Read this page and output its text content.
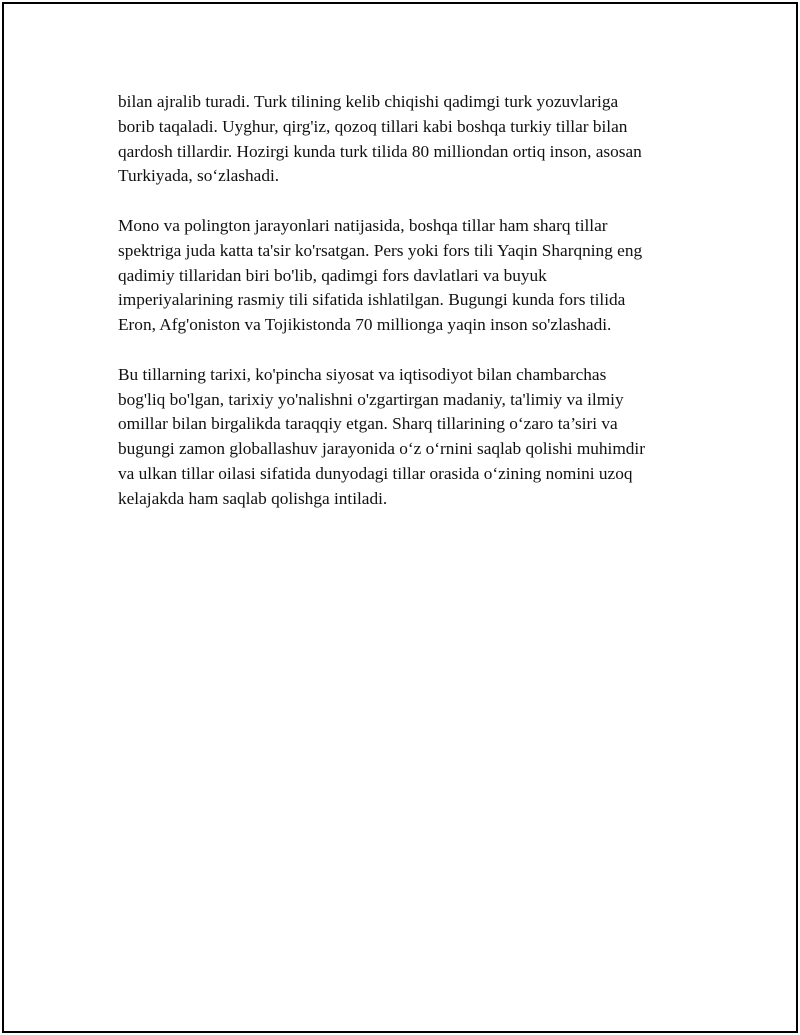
bilan ajralib turadi. Turk tilining kelib chiqishi qadimgi turk yozuvlariga
borib taqaladi. Uyghur, qirg'iz, qozoq tillari kabi boshqa turkiy tillar bilan
qardosh tillardir. Hozirgi kunda turk tilida 80 milliondan ortiq inson, asosan
Turkiyada, so‘zlashadi.

Mono va polington jarayonlari natijasida, boshqa tillar ham sharq tillar
spektriga juda katta ta'sir ko'rsatgan. Pers yoki fors tili Yaqin Sharqning eng
qadimiy tillaridan biri bo'lib, qadimgi fors davlatlari va buyuk
imperiyalarining rasmiy tili sifatida ishlatilgan. Bugungi kunda fors tilida
Eron, Afg'oniston va Tojikistonda 70 millionga yaqin inson so'zlashadi.

Bu tillarning tarixi, ko'pincha siyosat va iqtisodiyot bilan chambarchas
bog'liq bo'lgan, tarixiy yo'nalishni o'zgartirgan madaniy, ta'limiy va ilmiy
omillar bilan birgalikda taraqqiy etgan. Sharq tillarining o‘zaro ta’siri va
bugungi zamon globallashuv jarayonida o‘z o‘rnini saqlab qolishi muhimdir
va ulkan tillar oilasi sifatida dunyodagi tillar orasida o‘zining nomini uzoq
kelajakda ham saqlab qolishga intiladi.
